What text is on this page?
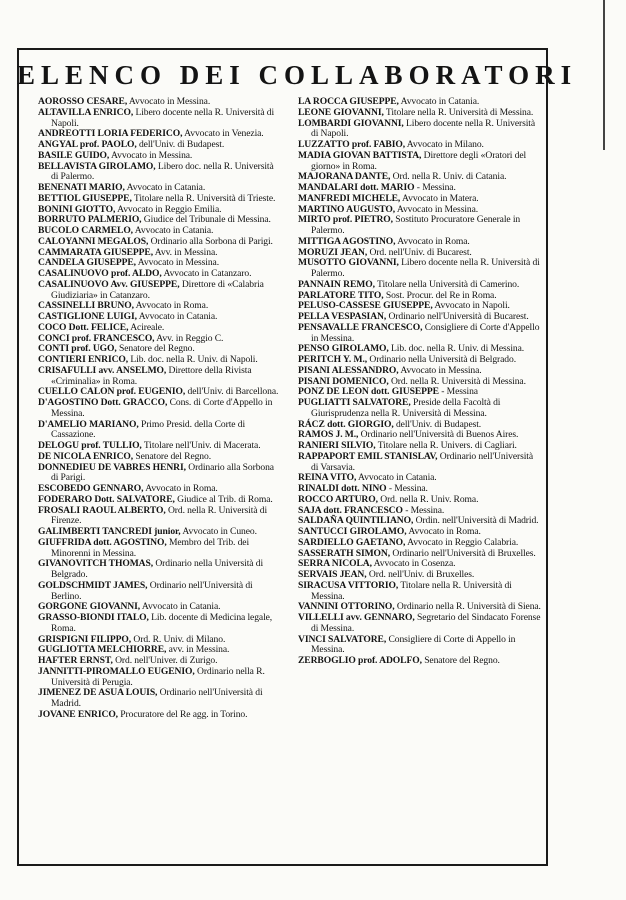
ELENCO DEI COLLABORATORI

AOROSSO CESARE, Avvocato in Messina.

ALTAVILLA ENRICO, Libero docente nella R. Università di Napoli.

ANDREOTTI LORIA FEDERICO, Avvocato in Venezia.

ANGYAL prof. PAOLO, dell'Univ. di Budapest.

BASILE GUIDO, Avvocato in Messina.

BELLAVISTA GIROLAMO, Libero doc. nella R. Università di Palermo.

BENENATI MARIO, Avvocato in Catania.

BETTIOL GIUSEPPE, Titolare nella R. Università di Trieste.

BONINI GIOTTO, Avvocato in Reggio Emilia.

BORRUTO PALMERIO, Giudice del Tribunale di Messina.

BUCOLO CARMELO, Avvocato in Catania.

CALOYANNI MEGALOS, Ordinario alla Sorbona di Parigi.

CAMMARATA GIUSEPPE, Avv. in Messina.

CANDELA GIUSEPPE, Avvocato in Messina.

CASALINUOVO prof. ALDO, Avvocato in Catanzaro.

CASALINUOVO Avv. GIUSEPPE, Direttore di «Calabria Giudiziaria» in Catanzaro.

CASSINELLI BRUNO, Avvocato in Roma.

CASTIGLIONE LUIGI, Avvocato in Catania.

COCO Dott. FELICE, Acireale.

CONCI prof. FRANCESCO, Avv. in Reggio C.

CONTI prof. UGO, Senatore del Regno.

CONTIERI ENRICO, Lib. doc. nella R. Univ. di Napoli.

CRISAFULLI avv. ANSELMO, Direttore della Rivista «Criminalia» in Roma.

CUELLO CALON prof. EUGENIO, dell'Univ. di Barcellona.

D'AGOSTINO Dott. GRACCO, Cons. di Corte d'Appello in Messina.

D'AMELIO MARIANO, Primo Presid. della Corte di Cassazione.

DELOGU prof. TULLIO, Titolare nell'Univ. di Macerata.

DE NICOLA ENRICO, Senatore del Regno.

DONNEDIEU DE VABRES HENRI, Ordinario alla Sorbona di Parigi.

ESCOBEDO GENNARO, Avvocato in Roma.

FODERARO Dott. SALVATORE, Giudice al Trib. di Roma.

FROSALI RAOUL ALBERTO, Ord. nella R. Università di Firenze.

GALIMBERTI TANCREDI junior, Avvocato in Cuneo.

GIUFFRIDA dott. AGOSTINO, Membro del Trib. dei Minorenni in Messina.

GIVANOVITCH THOMAS, Ordinario nella Università di Belgrado.

GOLDSCHMIDT JAMES, Ordinario nell'Università di Berlino.

GORGONE GIOVANNI, Avvocato in Catania.

GRASSO-BIONDI ITALO, Lib. docente di Medicina legale, Roma.

GRISPIGNI FILIPPO, Ord. R. Univ. di Milano.

GUGLIOTTA MELCHIORRE, avv. in Messina.

HAFTER ERNST, Ord. nell'Univer. di Zurigo.

JANNITTI-PIROMALLO EUGENIO, Ordinario nella R. Università di Perugia.

JIMENEZ DE ASUA LOUIS, Ordinario nell'Università di Madrid.

JOVANE ENRICO, Procuratore del Re agg. in Torino.

LA ROCCA GIUSEPPE, Avvocato in Catania.

LEONE GIOVANNI, Titolare nella R. Università di Messina.

LOMBARDI GIOVANNI, Libero docente nella R. Università di Napoli.

LUZZATTO prof. FABIO, Avvocato in Milano.

MADIA GIOVAN BATTISTA, Direttore degli «Oratori del giorno» in Roma.

MAJORANA DANTE, Ord. nella R. Univ. di Catania.

MANDALARI dott. MARIO - Messina.

MANFREDI MICHELE, Avvocato in Matera.

MARTINO AUGUSTO, Avvocato in Messina.

MIRTO prof. PIETRO, Sostituto Procuratore Generale in Palermo.

MITTIGA AGOSTINO, Avvocato in Roma.

MORUZI JEAN, Ord. nell'Univ. di Bucarest.

MUSOTTO GIOVANNI, Libero docente nella R. Università di Palermo.

PANNAIN REMO, Titolare nella Università di Camerino.

PARLATORE TITO, Sost. Procur. del Re in Roma.

PELUSO-CASSESE GIUSEPPE, Avvocato in Napoli.

PELLA VESPASIAN, Ordinario nell'Università di Bucarest.

PENSAVALLE FRANCESCO, Consigliere di Corte d'Appello in Messina.

PENSO GIROLAMO, Lib. doc. nella R. Univ. di Messina.

PERITCH Y. M., Ordinario nella Università di Belgrado.

PISANI ALESSANDRO, Avvocato in Messina.

PISANI DOMENICO, Ord. nella R. Università di Messina.

PONZ DE LEON dott. GIUSEPPE - Messina

PUGLIATTI SALVATORE, Preside della Facoltà di Giurisprudenza nella R. Università di Messina.

RÁCZ dott. GIORGIO, dell'Univ. di Budapest.

RAMOS J. M., Ordinario nell'Università di Buenos Aires.

RANIERI SILVIO, Titolare nella R. Univers. di Cagliari.

RAPPAPORT EMIL STANISLAV, Ordinario nell'Università di Varsavia.

REINA VITO, Avvocato in Catania.

RINALDI dott. NINO - Messina.

ROCCO ARTURO, Ord. nella R. Univ. Roma.

SAJA dott. FRANCESCO - Messina.

SALDAÑA QUINTILIANO, Ordin. nell'Università di Madrid.

SANTUCCI GIROLAMO, Avvocato in Roma.

SARDIELLO GAETANO, Avvocato in Reggio Calabria.

SASSERATH SIMON, Ordinario nell'Università di Bruxelles.

SERRA NICOLA, Avvocato in Cosenza.

SERVAIS JEAN, Ord. nell'Univ. di Bruxelles.

SIRACUSA VITTORIO, Titolare nella R. Università di Messina.

VANNINI OTTORINO, Ordinario nella R. Università di Siena.

VILLELLI avv. GENNARO, Segretario del Sindacato Forense di Messina.

VINCI SALVATORE, Consigliere di Corte di Appello in Messina.

ZERBOGLIO prof. ADOLFO, Senatore del Regno.
